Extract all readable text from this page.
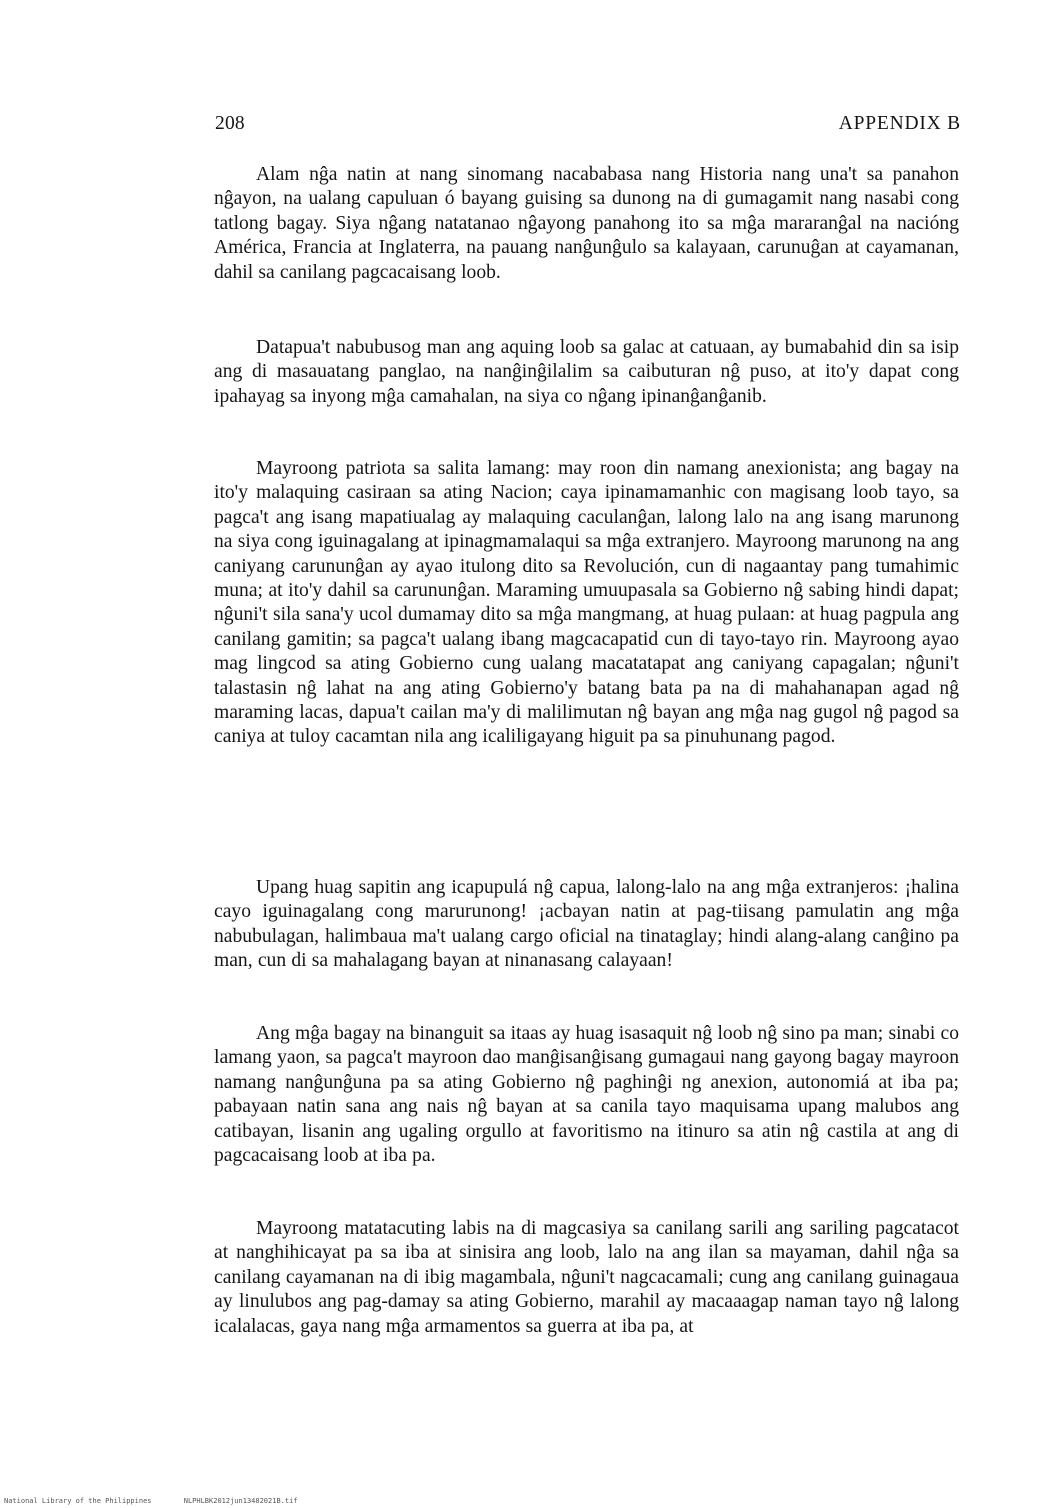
208	APPENDIX B

Alam nĝa natin at nang sinomang nacababasa nang Historia nang una't sa panahon nĝayon, na ualang capuluan ó bayang guising sa dunong na di gumagamit nang nasabi cong tatlong bagay. Siya nĝang natatanao nĝayong panahong ito sa mĝa mararanĝal na nacióng América, Francia at Inglaterra, na pauang nanĝunĝulo sa kalayaan, carunuĝan at cayamanan, dahil sa canilang pagcacaisang loob.

Datapua't nabubusog man ang aquing loob sa galac at catuaan, ay bumabahid din sa isip ang di masauatang panglao, na nanĝinĝilalim sa caibuturan nĝ puso, at ito'y dapat cong ipahayag sa inyong mĝa camahalan, na siya co nĝang ipinanĝanĝanib.

Mayroong patriota sa salita lamang: may roon din namang anexionista; ang bagay na ito'y malaquing casiraan sa ating Nacion; caya ipinamamanhic con magisang loob tayo, sa pagca't ang isang mapatiualag ay malaquing caculanĝan, lalong lalo na ang isang marunong na siya cong iguinagalang at ipinagmamalaqui sa mĝa extranjero. Mayroong marunong na ang caniyang carununĝan ay ayao itulong dito sa Revolución, cun di nagaantay pang tumahimic muna; at ito'y dahil sa carununĝan. Maraming umuupasala sa Gobierno nĝ sabing hindi dapat; nĝuni't sila sana'y ucol dumamay dito sa mĝa mangmang, at huag pulaan: at huag pagpula ang canilang gamitin; sa pagca't ualang ibang magcacapatid cun di tayo-tayo rin. Mayroong ayao mag lingcod sa ating Gobierno cung ualang macatatapat ang caniyang capagalan; nĝuni't talastasin nĝ lahat na ang ating Gobierno'y batang bata pa na di mahahanapan agad nĝ maraming lacas, dapua't cailan ma'y di malilimutan nĝ bayan ang mĝa nag gugol nĝ pagod sa caniya at tuloy cacamtan nila ang icaliligayang higuit pa sa pinuhunang pagod.

Upang huag sapitin ang icapupulá nĝ capua, lalong-lalo na ang mĝa extranjeros: ¡halina cayo iguinagalang cong marurunong! ¡acbayan natin at pag-tiisang pamulatin ang mĝa nabubulagan, halimbaua ma't ualang cargo oficial na tinataglay; hindi alang-alang canĝino pa man, cun di sa mahalagang bayan at ninanasang calayaan!

Ang mĝa bagay na binanguit sa itaas ay huag isasaquit nĝ loob nĝ sino pa man; sinabi co lamang yaon, sa pagca't mayroon dao manĝisanĝisang gumagaui nang gayong bagay mayroon namang nanĝunĝuna pa sa ating Gobierno nĝ paghinĝi ng anexion, autonomiá at iba pa; pabayaan natin sana ang nais nĝ bayan at sa canila tayo maquisama upang malubos ang catibayan, lisanin ang ugaling orgullo at favoritismo na itinuro sa atin nĝ castila at ang di pagcacaisang loob at iba pa.

Mayroong matatacuting labis na di magcasiya sa canilang sarili ang sariling pagcatacot at nanghihicayat pa sa iba at sinisira ang loob, lalo na ang ilan sa mayaman, dahil nĝa sa canilang cayamanan na di ibig magambala, nĝuni't nagcacamali; cung ang canilang guinagaua ay linulubos ang pag-damay sa ating Gobierno, marahil ay macaaagap naman tayo nĝ lalong icalalacas, gaya nang mĝa armamentos sa guerra at iba pa, at

National Library of the Philippines	NLPHLBK2012jun13482021B.tif
